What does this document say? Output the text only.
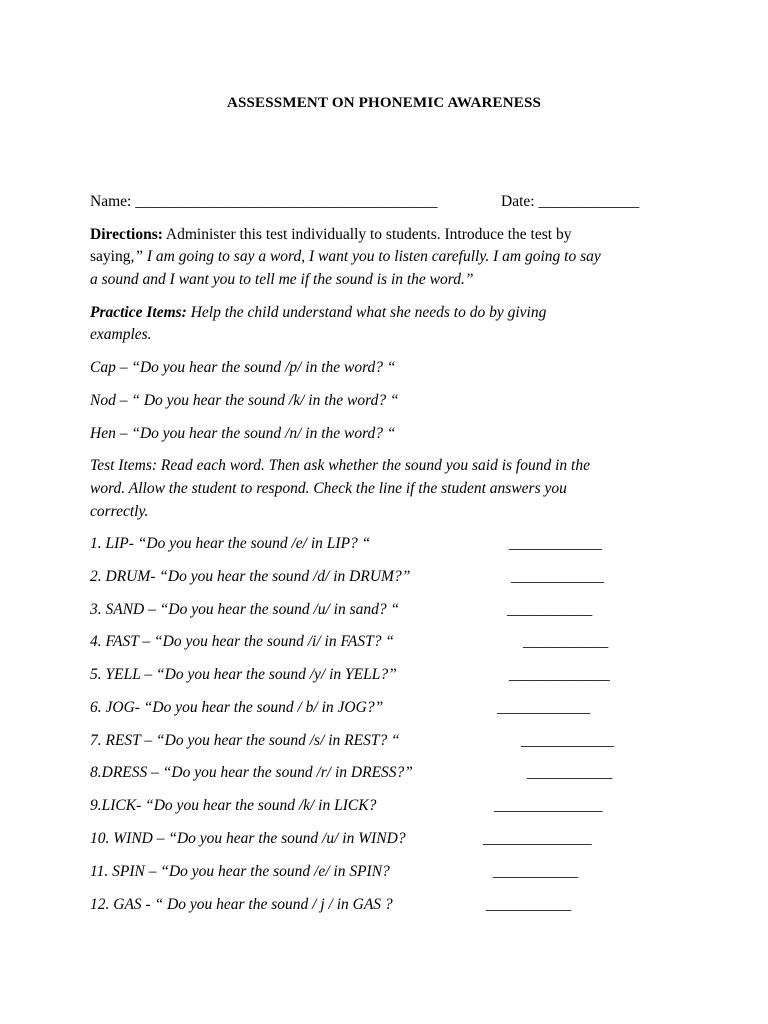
ASSESSMENT ON PHONEMIC AWARENESS
Name: _______________________________________	Date: _____________
Directions: Administer this test individually to students. Introduce the test by
saying,” I am going to say a word, I want you to listen carefully. I am going to say
a sound and I want you to tell me if the sound is in the word.”
Practice Items: Help the child understand what she needs to do by giving
examples.
Cap – “Do you hear the sound /p/ in the word? “
Nod – “ Do you hear the sound /k/ in the word? “
Hen – “Do you hear the sound /n/ in the word? “
Test Items: Read each word. Then ask whether the sound you said is found in the
word. Allow the student to respond. Check the line if the student answers you
correctly.
1. LIP- “Do you hear the sound /e/ in LIP? “	____________
2. DRUM- “Do you hear the sound /d/ in DRUM?”	____________
3. SAND – “Do you hear the sound /u/ in sand? “	___________
4. FAST – “Do you hear the sound /i/ in FAST? “	___________
5. YELL – “Do you hear the sound /y/ in YELL?”	_____________
6. JOG- “Do you hear the sound / b/ in JOG?”	____________
7. REST – “Do you hear the sound /s/ in REST? “	____________
8.DRESS – “Do you hear the sound /r/ in DRESS?”	___________
9.LICK- “Do you hear the sound /k/ in LICK?	______________
10. WIND – “Do you hear the sound /u/ in WIND?	______________
11. SPIN – “Do you hear the sound /e/ in SPIN?	___________
12. GAS - “ Do you hear the sound / j / in GAS ?	___________
